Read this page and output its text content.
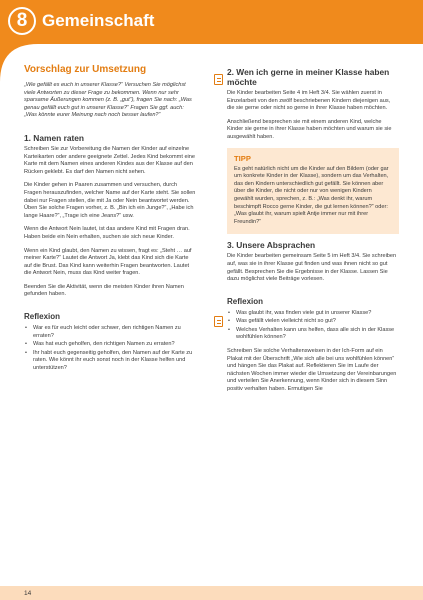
8 Gemeinschaft
Vorschlag zur Umsetzung

„Wie gefällt es euch in unserer Klasse?“ Versuchen Sie möglichst viele Antworten zu dieser Frage zu bekommen. Wenn nur sehr sparsame Äußerungen kommen (z. B. „gut“), fragen Sie nach: „Was genau gefällt euch gut in unserer Klasse?“ Fragen Sie ggf. auch: „Was könnte eurer Meinung nach noch besser laufen?“

1. Namen raten

Schreiben Sie zur Vorbereitung die Namen der Kinder auf einzelne Karteikarten oder andere geeignete Zettel. Jedes Kind bekommt eine Karte mit dem Namen eines anderen Kindes aus der Klasse auf den Rücken geklebt. Es darf den Namen nicht sehen.

Die Kinder gehen in Paaren zusammen und versuchen, durch Fragen herauszufinden, welcher Name auf der Karte steht. Sie sollen dabei nur Fragen stellen, die mit Ja oder Nein beantwortet werden. Üben Sie solche Fragen vorher, z. B. „Bin ich ein Junge?“, „Habe ich lange Haare?“, „Trage ich eine Jeans?“ usw.

Wenn die Antwort Nein lautet, ist das andere Kind mit Fragen dran. Haben beide ein Nein erhalten, suchen sie sich neue Kinder.

Wenn ein Kind glaubt, den Namen zu wissen, fragt es: „Steht … auf meiner Karte?“ Lautet die Antwort Ja, klebt das Kind sich die Karte auf die Brust. Das Kind kann weiterhin Fragen beantworten. Lautet die Antwort Nein, muss das Kind weiter fragen.

Beenden Sie die Aktivität, wenn die meisten Kinder ihren Namen gefunden haben.

Reflexion
• War es für euch leicht oder schwer, den richtigen Namen zu erraten?
• Was hat euch geholfen, den richtigen Namen zu erraten?
• Ihr habt euch gegenseitig geholfen, den Namen auf der Karte zu raten. Wie könnt ihr euch sonst noch in der Klasse helfen und unterstützen?
2. Wen ich gerne in meiner Klasse haben möchte

Die Kinder bearbeiten Seite 4 im Heft 3/4. Sie wählen zuerst in Einzelarbeit von den zwölf beschriebenen Kindern diejenigen aus, die sie gerne oder nicht so gerne in ihrer Klasse haben möchten.

Anschließend besprechen sie mit einem anderen Kind, welche Kinder sie gerne in ihrer Klasse haben möchten und warum sie sie ausgewählt haben.

TIPP

Es geht natürlich nicht um die Kinder auf den Bildern (oder gar um konkrete Kinder in der Klasse), sondern um das Verhalten, das den Kindern unterschiedlich gut gefällt. Sie können aber über die Kinder, die nicht oder nur von wenigen Kindern gewählt wurden, sprechen, z. B.: „Was denkt ihr, warum beschimpft Rocco gerne Kinder, die gut lernen können?“ oder: „Was glaubt ihr, warum spielt Antje immer nur mit ihrer Freundin?“

3. Unsere Absprachen

Die Kinder bearbeiten gemeinsam Seite 5 im Heft 3/4. Sie schreiben auf, was sie in ihrer Klasse gut finden und was ihnen nicht so gut gefällt. Besprechen Sie die Ergebnisse in der Klasse. Lassen Sie dazu möglichst viele Beiträge vorlesen.

Reflexion
• Was glaubt ihr, was finden viele gut in unserer Klasse?
• Was gefällt vielen vielleicht nicht so gut?
• Welches Verhalten kann uns helfen, dass alle sich in der Klasse wohlfühlen können?

Schreiben Sie solche Verhaltensweisen in der Ich-Form auf ein Plakat mit der Überschrift „Wie sich alle bei uns wohlfühlen können“ und hängen Sie das Plakat auf. Reflektieren Sie im Laufe der nächsten Wochen immer wieder die Umsetzung der Vereinbarungen und verteilen Sie Anerkennung, wenn Kinder sich in diesem Sinn positiv verhalten haben. Ermutigen Sie

14
